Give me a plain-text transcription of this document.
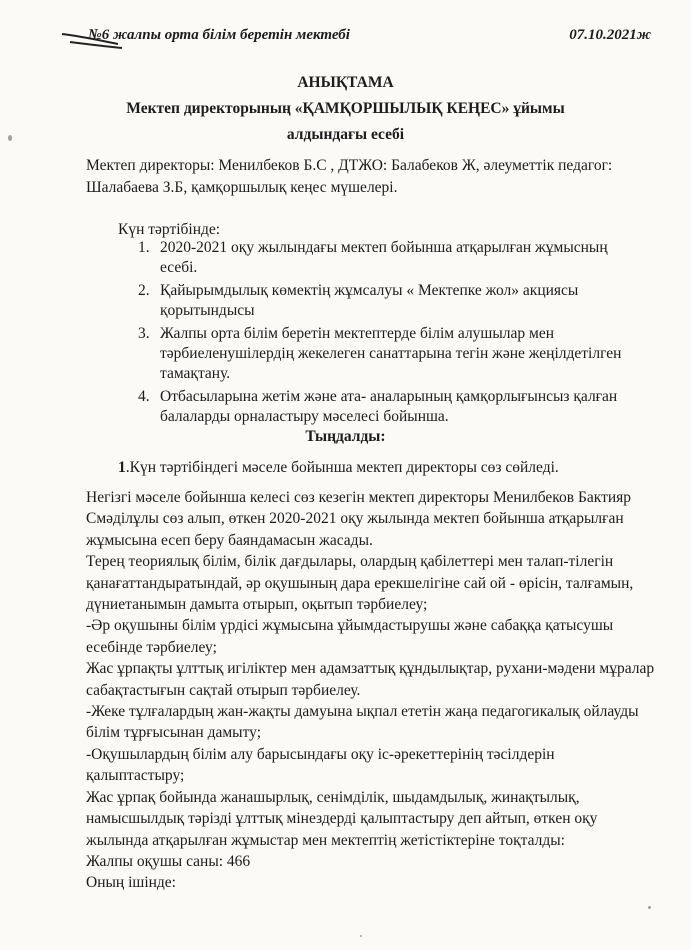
№6 жалпы орта білім беретін мектебі	07.10.2021ж
АНЫҚТАМА
Мектеп директорының «ҚАМҚОРШЫЛЫҚ КЕҢЕС» ұйымы
алдындағы есебі
Мектеп директоры: Менилбеков Б.С , ДТЖО: Балабеков Ж, әлеуметтік педагог: Шалабаева З.Б, қамқоршылық кеңес мүшелері.
Күн тәртібінде:
1. 2020-2021 оқу жылындағы мектеп бойынша атқарылған жұмысның есебі.
2. Қайырымдылық көмектің жұмсалуы « Мектепке жол» акциясы қорытындысы
3. Жалпы орта білім беретін мектептерде білім алушылар мен тәрбиеленушілердің жекелеген санаттарына тегін және жеңілдетілген тамақтану.
4. Отбасыларына жетім және ата- аналарының қамқорлығынсыз қалған балаларды орналастыру мәселесі бойынша.
Тыңдалды:
1.Күн тәртібіндегі мәселе бойынша мектеп директоры сөз сөйледі.

Негізгі мәселе бойынша келесі сөз кезегін мектеп директоры Менилбеков Бактияр Смәділұлы сөз алып, өткен 2020-2021 оқу жылында мектеп бойынша атқарылған жұмысына есеп беру баяндамасын жасады.

Терең теориялық білім, білік дағдылары, олардың қабілеттері мен талап-тілегін қанағаттандыратындай, әр оқушының дара ерекшелігіне сай ой - өрісін, талғамын, дүниетанымын дамыта отырып, оқытып тәрбиелеу;

-Әр оқушыны білім үрдісі жұмысына ұйымдастырушы және сабаққа қатысушы есебінде тәрбиелеу;

Жас ұрпақты ұлттық игіліктер мен адамзаттық құндылықтар, рухани-мәдени мұралар сабақтастығын сақтай отырып тәрбиелеу.

-Жеке тұлғалардың жан-жақты дамуына ықпал ететін жаңа педагогикалық ойлауды білім тұрғысынан дамыту;

-Оқушылардың білім алу барысындағы оқу іс-әрекеттерінің тәсілдерін қалыптастыру;

Жас ұрпақ бойында жанашырлық, сенімділік, шыдамдылық, жинақтылық, намысшылдық тәрізді ұлттық мінездерді қалыптастыру деп айтып, өткен оқу жылында атқарылған жұмыстар мен мектептің жетістіктеріне тоқталды:

Жалпы оқушы саны: 466

Оның ішінде:
